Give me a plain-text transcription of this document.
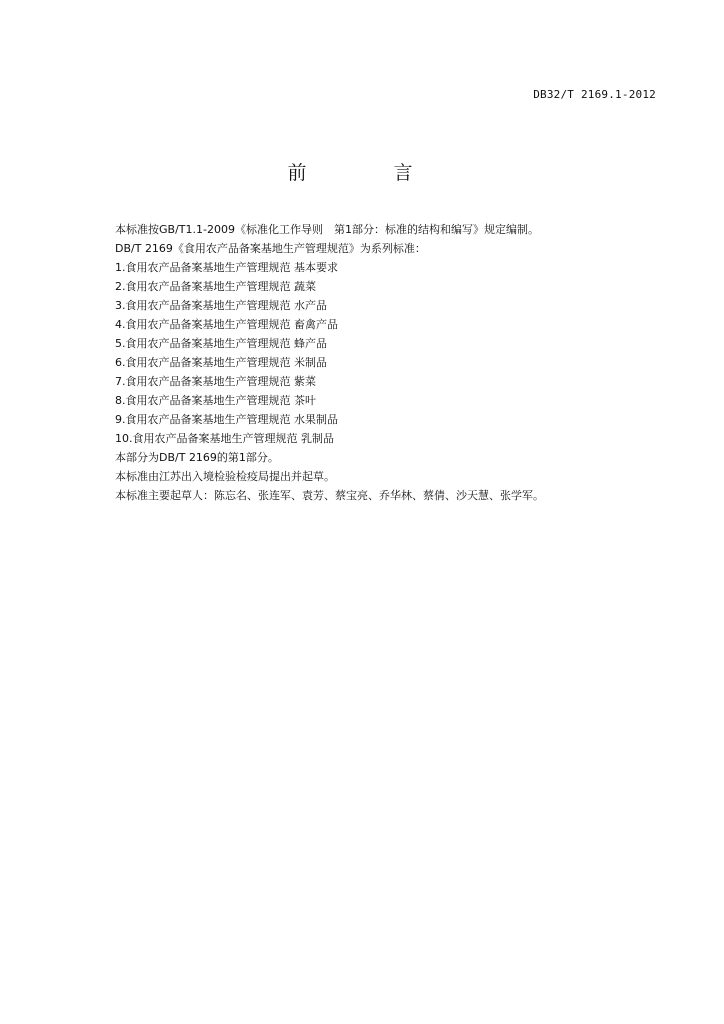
DB32/T 2169.1-2012
前　言
本标准按GB/T1.1-2009《标准化工作导则　第1部分：标准的结构和编写》规定编制。
DB/T 2169《食用农产品备案基地生产管理规范》为系列标准：
1.食用农产品备案基地生产管理规范 基本要求
2.食用农产品备案基地生产管理规范 蔬菜
3.食用农产品备案基地生产管理规范 水产品
4.食用农产品备案基地生产管理规范 畜禽产品
5.食用农产品备案基地生产管理规范 蜂产品
6.食用农产品备案基地生产管理规范 米制品
7.食用农产品备案基地生产管理规范 紫菜
8.食用农产品备案基地生产管理规范 茶叶
9.食用农产品备案基地生产管理规范 水果制品
10.食用农产品备案基地生产管理规范 乳制品
本部分为DB/T 2169的第1部分。
本标准由江苏出入境检验检疫局提出并起草。
本标准主要起草人：陈忘名、张连军、袁芳、蔡宝亮、乔华林、蔡倩、沙天慧、张学军。
